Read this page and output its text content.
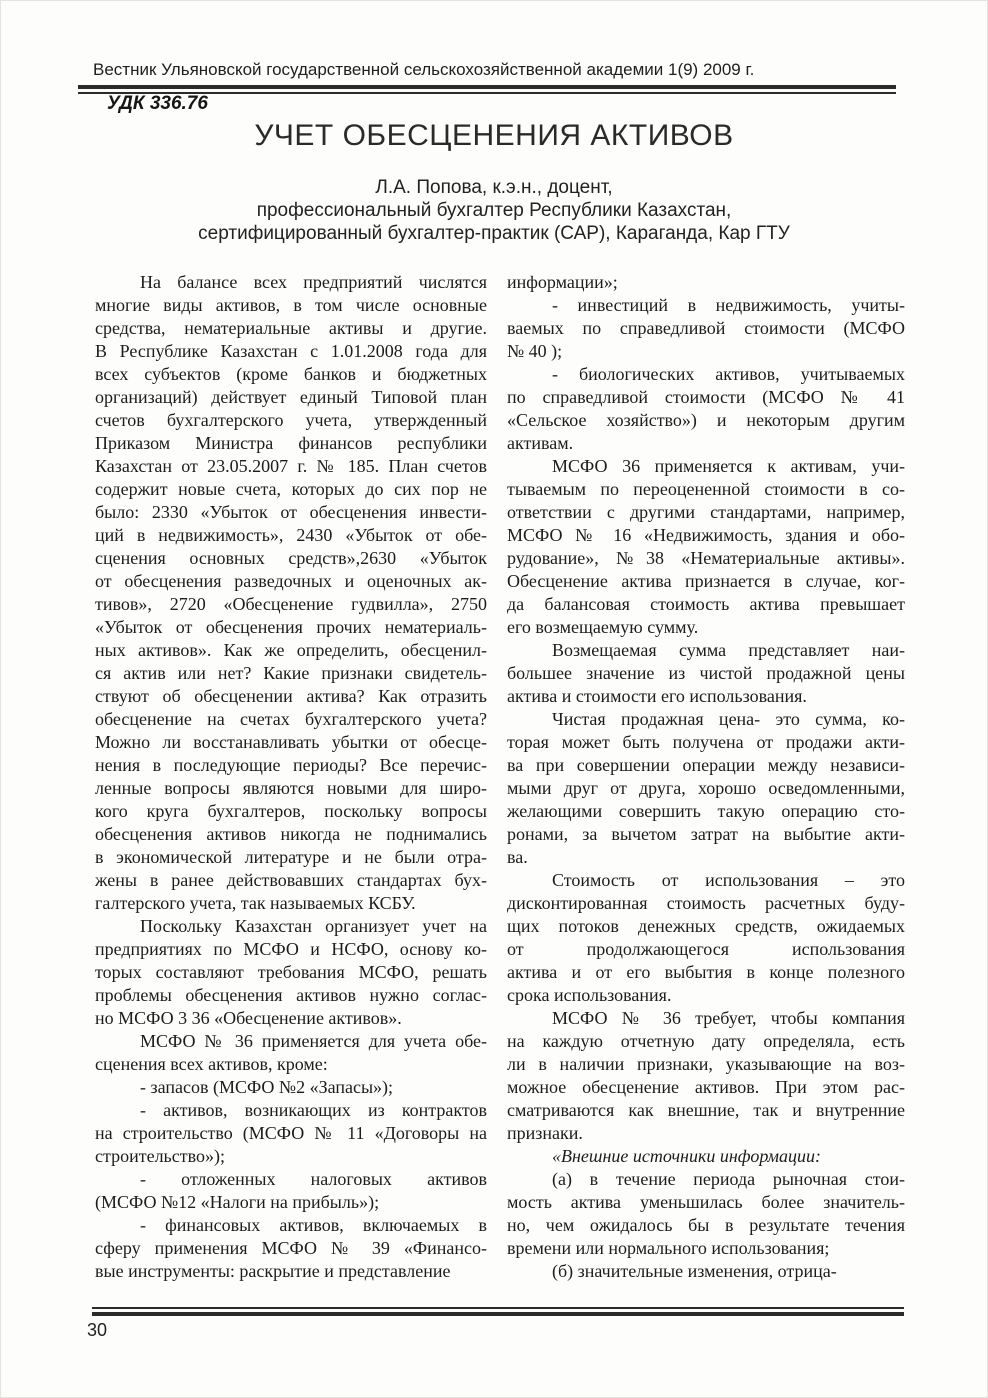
Вестник Ульяновской государственной сельскохозяйственной академии 1(9) 2009 г.
УДК 336.76
УЧЕТ ОБЕСЦЕНЕНИЯ АКТИВОВ
Л.А. Попова, к.э.н., доцент,
профессиональный бухгалтер Республики Казахстан,
сертифицированный бухгалтер-практик (САР), Караганда, Кар ГТУ
На балансе всех предприятий числятся
многие виды активов, в том числе основные
средства, нематериальные активы и другие.
В Республике Казахстан с 1.01.2008 года для
всех субъектов (кроме банков и бюджетных
организаций) действует единый Типовой план
счетов бухгалтерского учета, утвержденный
Приказом Министра финансов республики
Казахстан от 23.05.2007 г. № 185. План счетов
содержит новые счета, которых до сих пор не
было: 2330 «Убыток от обесценения инвести-
ций в недвижимость», 2430 «Убыток от обе-
сценения основных средств»,2630 «Убыток
от обесценения разведочных и оценочных ак-
тивов», 2720 «Обесценение гудвилла», 2750
«Убыток от обесценения прочих нематериаль-
ных активов». Как же определить, обесценил-
ся актив или нет? Какие признаки свидетель-
ствуют об обесценении актива? Как отразить
обесценение на счетах бухгалтерского учета?
Можно ли восстанавливать убытки от обесце-
нения в последующие периоды? Все перечис-
ленные вопросы являются новыми для широ-
кого круга бухгалтеров, поскольку вопросы
обесценения активов никогда не поднимались
в экономической литературе и не были отра-
жены в ранее действовавших стандартах бух-
галтерского учета, так называемых КСБУ.
Поскольку Казахстан организует учет на
предприятиях по МСФО и НСФО, основу ко-
торых составляют требования МСФО, решать
проблемы обесценения активов нужно соглас-
но МСФО 3 36 «Обесценение активов».
МСФО № 36 применяется для учета обе-
сценения всех активов, кроме:
- запасов (МСФО №2 «Запасы»);
- активов, возникающих из контрактов
на строительство (МСФО № 11 «Договоры на
строительство»);
- отложенных налоговых активов
(МСФО №12 «Налоги на прибыль»);
- финансовых активов, включаемых в
сферу применения МСФО № 39 «Финансо-
вые инструменты: раскрытие и представление
информации»;
- инвестиций в недвижимость, учиты-
ваемых по справедливой стоимости (МСФО
№ 40 );
- биологических активов, учитываемых
по справедливой стоимости (МСФО № 41
«Сельское хозяйство») и некоторым другим
активам.
МСФО 36 применяется к активам, учи-
тываемым по переоцененной стоимости в со-
ответствии с другими стандартами, например,
МСФО № 16 «Недвижимость, здания и обо-
рудование», №38 «Нематериальные активы».
Обесценение актива признается в случае, ког-
да балансовая стоимость актива превышает
его возмещаемую сумму.
Возмещаемая сумма представляет наи-
большее значение из чистой продажной цены
актива и стоимости его использования.
Чистая продажная цена- это сумма, ко-
торая может быть получена от продажи акти-
ва при совершении операции между независи-
мыми друг от друга, хорошо осведомленными,
желающими совершить такую операцию сто-
ронами, за вычетом затрат на выбытие акти-
ва.
Стоимость от использования – это
дисконтированная стоимость расчетных буду-
щих потоков денежных средств, ожидаемых
от продолжающегося использования
актива и от его выбытия в конце полезного
срока использования.
МСФО № 36 требует, чтобы компания
на каждую отчетную дату определяла, есть
ли в наличии признаки, указывающие на воз-
можное обесценение активов. При этом рас-
сматриваются как внешние, так и внутренние
признаки.
«Внешние источники информации:
(а) в течение периода рыночная стои-
мость актива уменьшилась более значитель-
но, чем ожидалось бы в результате течения
времени или нормального использования;
(б) значительные изменения, отрица-
30
